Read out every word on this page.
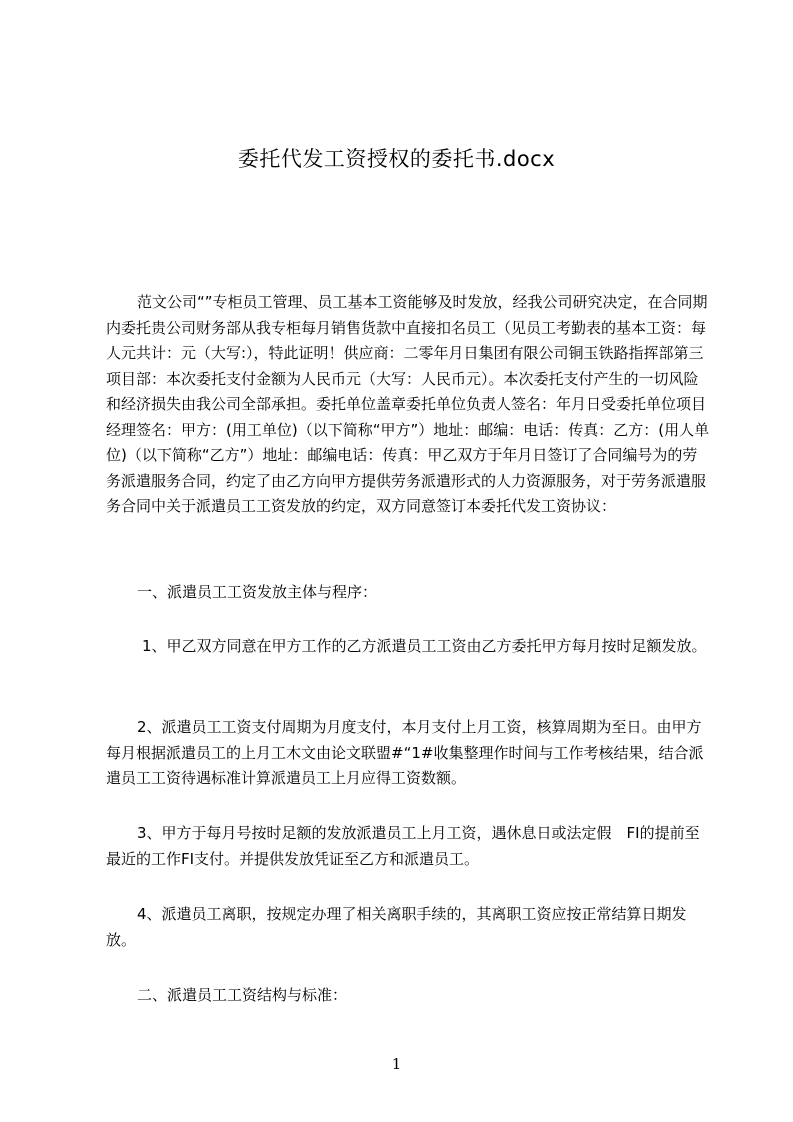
委托代发工资授权的委托书.docx

范文公司“”专柜员工管理、员工基本工资能够及时发放，经我公司研究决定，在合同期内委托贵公司财务部从我专柜每月销售货款中直接扣名员工（见员工考勤表的基本工资：每人元共计：元（大写:），特此证明！供应商：二零年月日集团有限公司铜玉铁路指挥部第三项目部：本次委托支付金额为人民币元（大写：人民币元）。本次委托支付产生的一切风险和经济损失由我公司全部承担。委托单位盖章委托单位负责人签名：年月日受委托单位项目经理签名：甲方：(用工单位)（以下简称“甲方”）地址：邮编：电话：传真：乙方：(用人单位)（以下简称“乙方”）地址：邮编电话：传真：甲乙双方于年月日签订了合同编号为的劳务派遣服务合同，约定了由乙方向甲方提供劳务派遣形式的人力资源服务，对于劳务派遣服务合同中关于派遣员工工资发放的约定，双方同意签订本委托代发工资协议：

一、派遣员工工资发放主体与程序：

1、甲乙双方同意在甲方工作的乙方派遣员工工资由乙方委托甲方每月按时足额发放。

2、派遣员工工资支付周期为月度支付，本月支付上月工资，核算周期为至日。由甲方每月根据派遣员工的上月工木文由论文联盟#“1#收集整理作时间与工作考核结果，结合派遣员工工资待遇标准计算派遣员工上月应得工资数额。

3、甲方于每月号按时足额的发放派遣员工上月工资，遇休息日或法定假　FI的提前至最近的工作FI支付。并提供发放凭证至乙方和派遣员工。

4、派遣员工离职，按规定办理了相关离职手续的，其离职工资应按正常结算日期发放。

二、派遣员工工资结构与标准：

1
